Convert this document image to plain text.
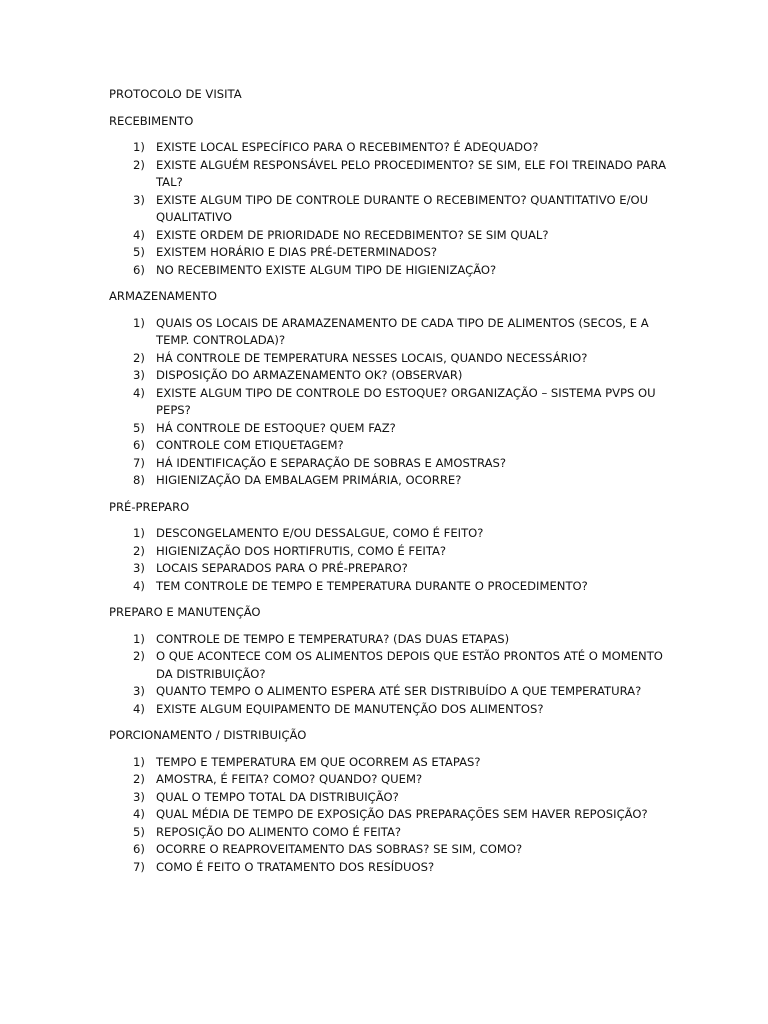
PROTOCOLO DE VISITA
RECEBIMENTO
1) EXISTE LOCAL ESPECÍFICO PARA O RECEBIMENTO? É ADEQUADO?
2) EXISTE ALGUÉM RESPONSÁVEL PELO PROCEDIMENTO? SE SIM, ELE FOI TREINADO PARA TAL?
3) EXISTE ALGUM TIPO DE CONTROLE DURANTE O RECEBIMENTO? QUANTITATIVO E/OU QUALITATIVO
4) EXISTE ORDEM DE PRIORIDADE NO RECEDBIMENTO? SE SIM QUAL?
5) EXISTEM HORÁRIO E DIAS PRÉ-DETERMINADOS?
6) NO RECEBIMENTO EXISTE ALGUM TIPO DE HIGIENIZAÇÃO?
ARMAZENAMENTO
1) QUAIS OS LOCAIS DE ARAMAZENAMENTO DE CADA TIPO DE ALIMENTOS (SECOS, E A TEMP. CONTROLADA)?
2) HÁ CONTROLE DE TEMPERATURA NESSES LOCAIS, QUANDO NECESSÁRIO?
3) DISPOSIÇÃO DO ARMAZENAMENTO OK? (OBSERVAR)
4) EXISTE ALGUM TIPO DE CONTROLE DO ESTOQUE? ORGANIZAÇÃO – SISTEMA PVPS OU PEPS?
5) HÁ CONTROLE DE ESTOQUE? QUEM FAZ?
6) CONTROLE COM ETIQUETAGEM?
7) HÁ IDENTIFICAÇÃO E SEPARAÇÃO DE SOBRAS E AMOSTRAS?
8) HIGIENIZAÇÃO DA EMBALAGEM PRIMÁRIA, OCORRE?
PRÉ-PREPARO
1) DESCONGELAMENTO E/OU DESSALGUE, COMO É FEITO?
2) HIGIENIZAÇÃO DOS HORTIFRUTIS, COMO É FEITA?
3) LOCAIS SEPARADOS PARA O PRÉ-PREPARO?
4) TEM CONTROLE DE TEMPO E TEMPERATURA DURANTE O PROCEDIMENTO?
PREPARO E MANUTENÇÃO
1) CONTROLE DE TEMPO E TEMPERATURA? (DAS DUAS ETAPAS)
2) O QUE ACONTECE COM OS ALIMENTOS DEPOIS QUE ESTÃO PRONTOS ATÉ O MOMENTO DA DISTRIBUIÇÃO?
3) QUANTO TEMPO O ALIMENTO ESPERA ATÉ SER DISTRIBUÍDO A QUE TEMPERATURA?
4) EXISTE ALGUM EQUIPAMENTO DE MANUTENÇÃO DOS ALIMENTOS?
PORCIONAMENTO / DISTRIBUIÇÃO
1) TEMPO E TEMPERATURA EM QUE OCORREM AS ETAPAS?
2) AMOSTRA, É FEITA? COMO? QUANDO? QUEM?
3) QUAL O TEMPO TOTAL DA DISTRIBUIÇÃO?
4) QUAL MÉDIA DE TEMPO DE EXPOSIÇÃO DAS PREPARAÇÕES SEM HAVER REPOSIÇÃO?
5) REPOSIÇÃO DO ALIMENTO COMO É FEITA?
6) OCORRE O REAPROVEITAMENTO DAS SOBRAS? SE SIM, COMO?
7) COMO É FEITO O TRATAMENTO DOS RESÍDUOS?
